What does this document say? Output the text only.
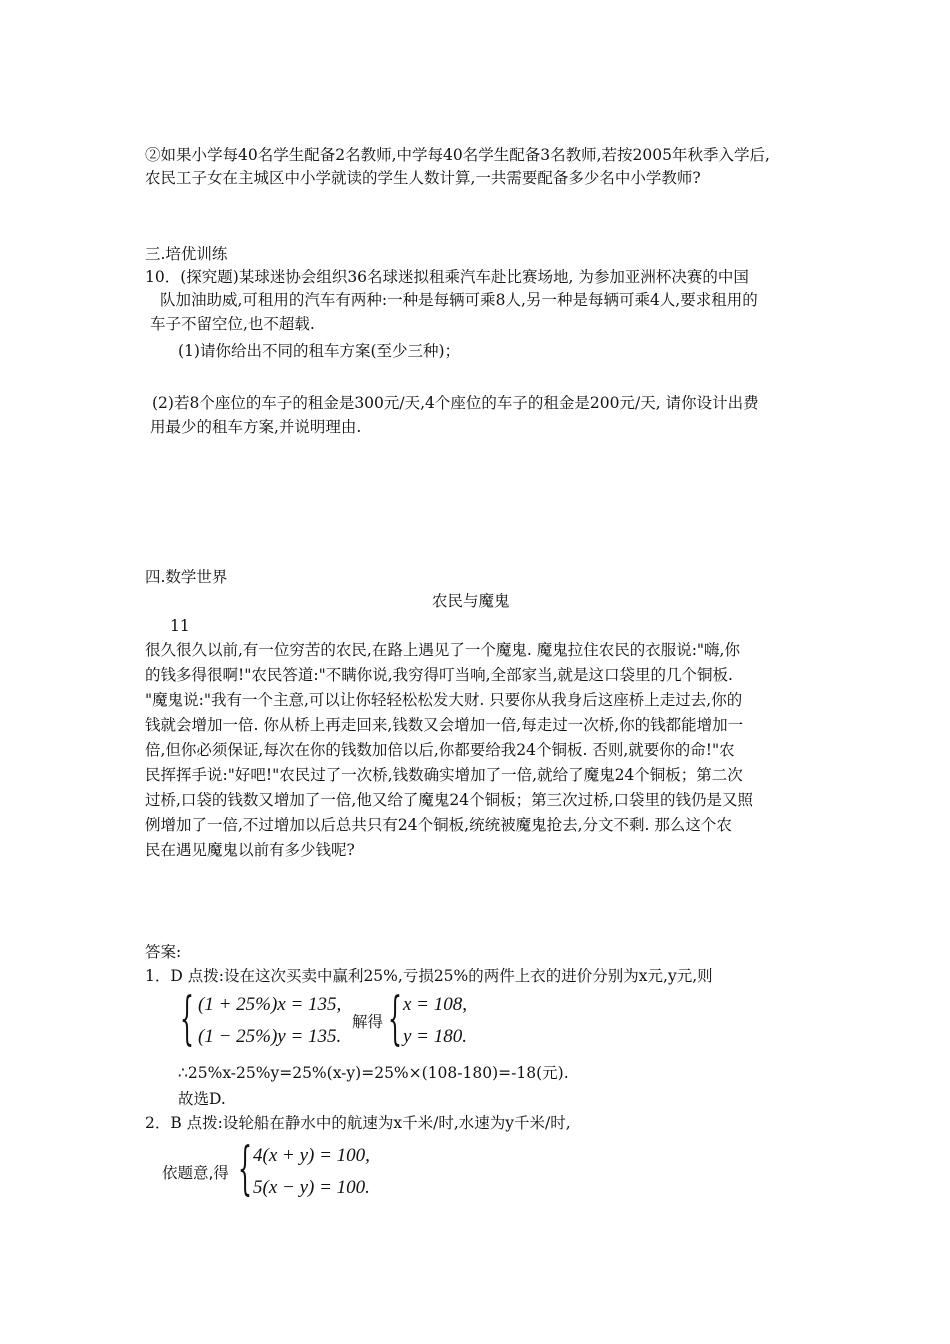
②如果小学每40名学生配备2名教师,中学每40名学生配备3名教师,若按2005年秋季入学后,
农民工子女在主城区中小学就读的学生人数计算,一共需要配备多少名中小学教师?
三.培优训练
10．(探究题)某球迷协会组织36名球迷拟租乘汽车赴比赛场地, 为参加亚洲杯决赛的中国
队加油助威,可租用的汽车有两种:一种是每辆可乘8人,另一种是每辆可乘4人,要求租用的
车子不留空位,也不超载.
(1)请你给出不同的租车方案(至少三种)；
(2)若8个座位的车子的租金是300元/天,4个座位的车子的租金是200元/天, 请你设计出费
用最少的租车方案,并说明理由.
四.数学世界
农民与魔鬼
11
很久很久以前,有一位穷苦的农民,在路上遇见了一个魔鬼. 魔鬼拉住农民的衣服说:"嗨,你
的钱多得很啊!"农民答道:"不瞒你说,我穷得叮当响,全部家当,就是这口袋里的几个铜板.
"魔鬼说:"我有一个主意,可以让你轻轻松松发大财. 只要你从我身后这座桥上走过去,你的
钱就会增加一倍. 你从桥上再走回来,钱数又会增加一倍,每走过一次桥,你的钱都能增加一
倍,但你必须保证,每次在你的钱数加倍以后,你都要给我24个铜板. 否则,就要你的命!"农
民挥挥手说:"好吧!"农民过了一次桥,钱数确实增加了一倍,就给了魔鬼24个铜板；第二次
过桥,口袋的钱数又增加了一倍,他又给了魔鬼24个铜板；第三次过桥,口袋里的钱仍是又照
例增加了一倍,不过增加以后总共只有24个铜板,统统被魔鬼抢去,分文不剩. 那么这个农
民在遇见魔鬼以前有多少钱呢?
答案:
1．D 点拨:设在这次买卖中赢利25%,亏损25%的两件上衣的进价分别为x元,y元,则
{ (1 + 25%)x = 135,
(1 − 25%)y = 135.
解得 { x = 108,
y = 180.
∴25%x-25%y=25%(x-y)=25%×(108-180)=-18(元).
故选D.
2．B 点拨:设轮船在静水中的航速为x千米/时,水速为y千米/时,
依题意,得 { 4(x + y) = 100,
5(x − y) = 100.
